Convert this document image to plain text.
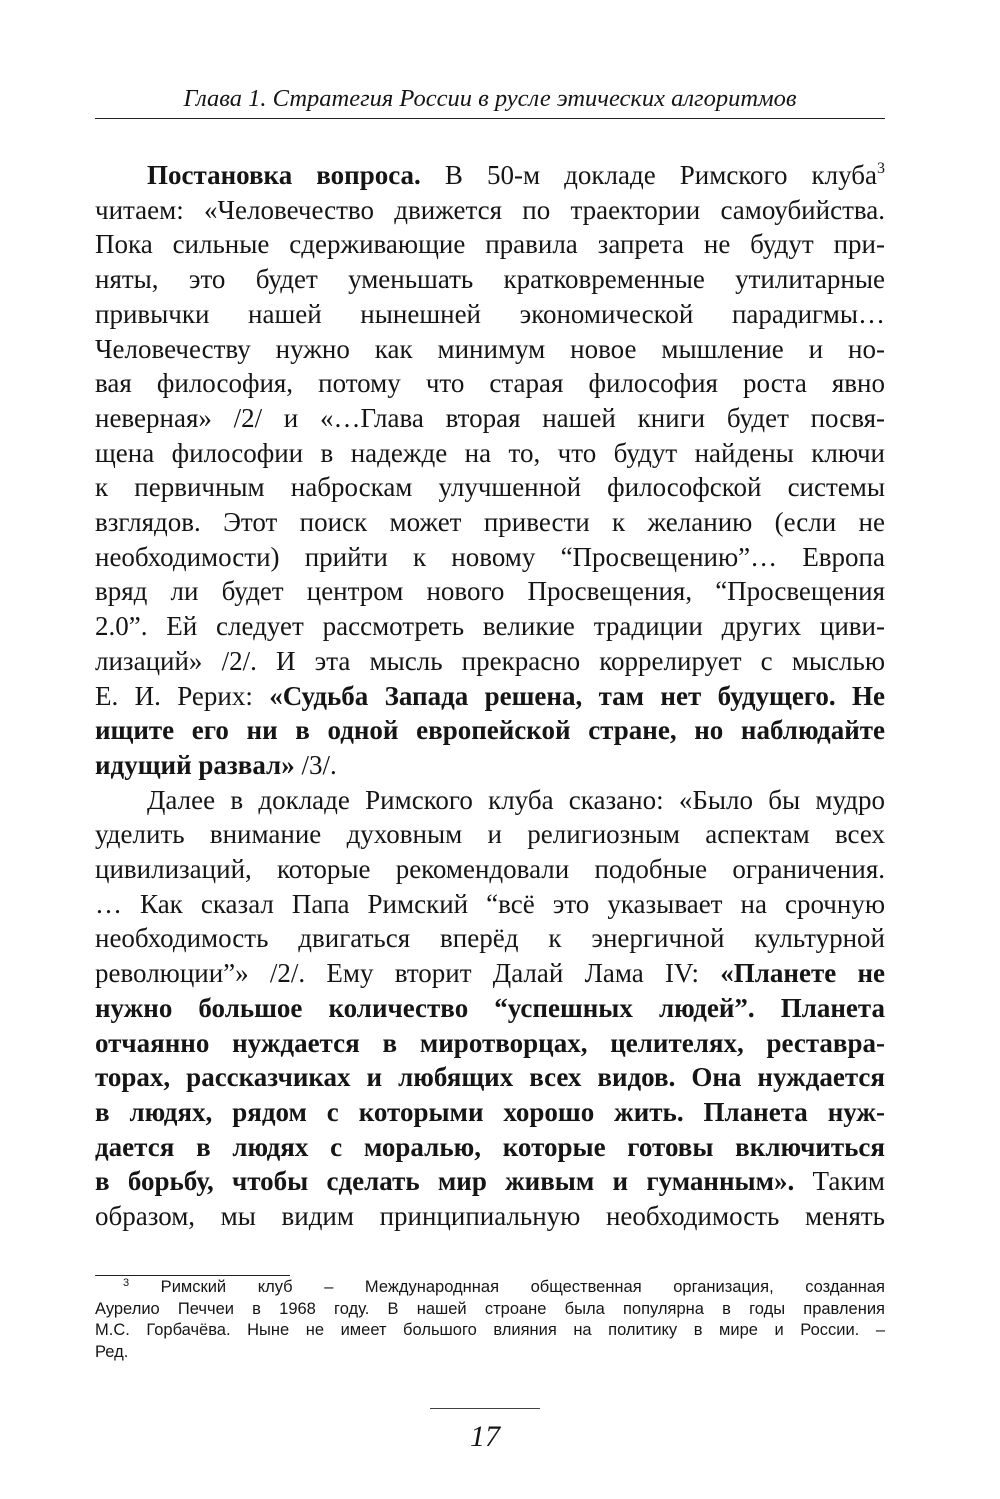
Глава 1. Стратегия России в русле этических алгоритмов
Постановка вопроса. В 50-м докладе Римского клуба$^3$
читаем: «Человечество движется по траектории самоубийства.
Пока сильные сдерживающие правила запрета не будут при-
няты, это будет уменьшать кратковременные утилитарные
привычки нашей нынешней экономической парадигмы…
Человечеству нужно как минимум новое мышление и но-
вая философия, потому что старая философия роста явно
неверная» /2/ и «…Глава вторая нашей книги будет посвя-
щена философии в надежде на то, что будут найдены ключи
к первичным наброскам улучшенной философской системы
взглядов. Этот поиск может привести к желанию (если не
необходимости) прийти к новому “Просвещению”… Европа
вряд ли будет центром нового Просвещения, “Просвещения
2.0”. Ей следует рассмотреть великие традиции других циви-
лизаций» /2/. И эта мысль прекрасно коррелирует с мыслью
Е. И. Рерих: «Судьба Запада решена, там нет будущего. Не
ищите его ни в одной европейской стране, но наблюдайте
идущий развал» /3/.
Далее в докладе Римского клуба сказано: «Было бы мудро
уделить внимание духовным и религиозным аспектам всех
цивилизаций, которые рекомендовали подобные ограничения.
… Как сказал Папа Римский “всё это указывает на срочную
необходимость двигаться вперёд к энергичной культурной
революции”» /2/. Ему вторит Далай Лама IV: «Планете не
нужно большое количество “успешных людей”. Планета
отчаянно нуждается в миротворцах, целителях, реставра-
торах, рассказчиках и любящих всех видов. Она нуждается
в людях, рядом с которыми хорошо жить. Планета нуж-
дается в людях с моралью, которые готовы включиться
в борьбу, чтобы сделать мир живым и гуманным». Таким
образом, мы видим принципиальную необходимость менять
$^3$ Римский клуб – Международнная общественная организация, созданная
Аурелио Печчеи в 1968 году. В нашей строане была популярна в годы правления
М.С. Горбачёва. Ныне не имеет большого влияния на политику в мире и России. –
Ред.
17
